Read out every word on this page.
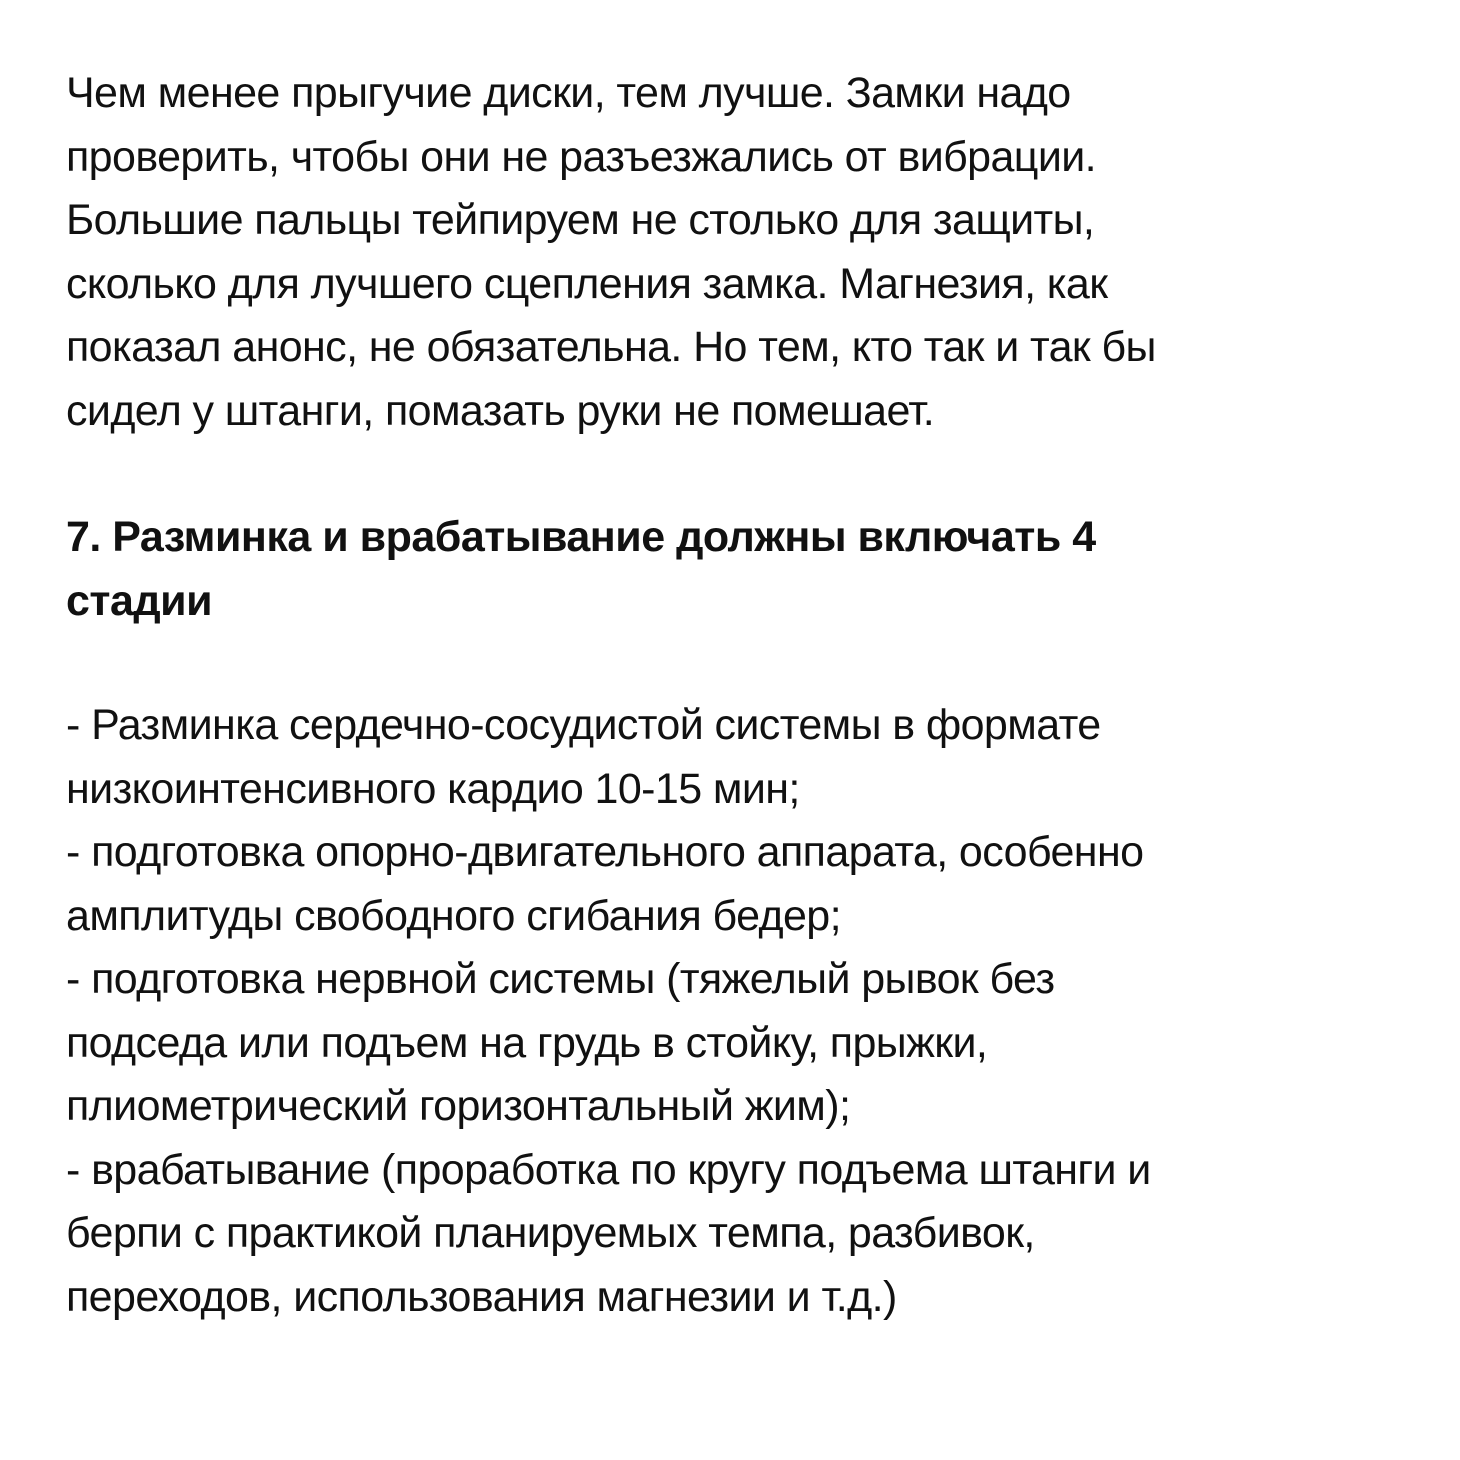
Чем менее прыгучие диски, тем лучше. Замки надо

проверить, чтобы они не разъезжались от вибрации.

Большие пальцы тейпируем не столько для защиты,

сколько для лучшего сцепления замка. Магнезия, как

показал анонс, не обязательна. Но тем, кто так и так бы

сидел у штанги, помазать руки не помешает.

7. Разминка и врабатывание должны включать 4

стадии

- Разминка сердечно-сосудистой системы в формате

низкоинтенсивного кардио 10-15 мин;

- подготовка опорно-двигательного аппарата, особенно

амплитуды свободного сгибания бедер;

- подготовка нервной системы (тяжелый рывок без

подседа или подъем на грудь в стойку, прыжки,

плиометрический горизонтальный жим);

- врабатывание (проработка по кругу подъема штанги и

берпи с практикой планируемых темпа, разбивок,

переходов, использования магнезии и т.д.)
